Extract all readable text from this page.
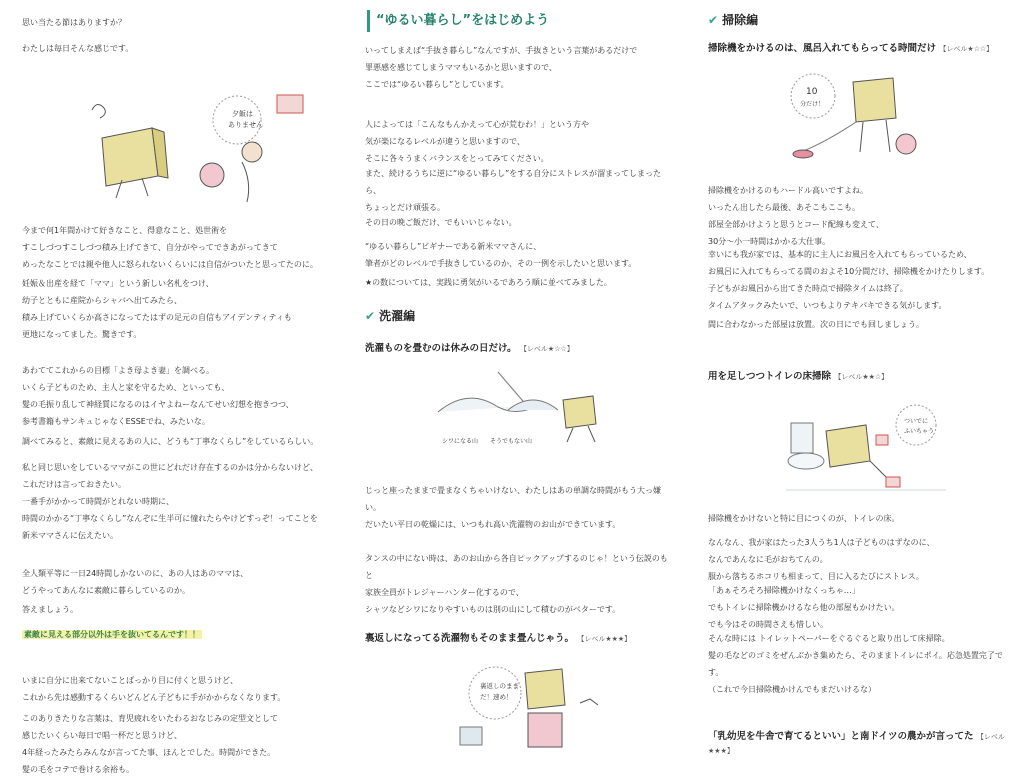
思い当たる節はありますか？

わたしは毎日そんな感じです。

夕飯は
ありません

今まで何1年間かけて好きなこと、得意なこと、処世術を

すこしづつすこしづつ積み上げてきて、自分がやってできあがってきて

めったなことでは親や他人に怒られないくらいには自信がついたと思ってたのに。

妊娠＆出産を経て「ママ」という新しい名札をつけ、

幼子とともに産院からシャバへ出てみたら、

積み上げていくらか高さになってたはずの足元の自信もアイデンティティも

更地になってました。驚きです。

あわててこれからの目標「よき母よき妻」を調べる。

いくら子どものため、主人と家を守るため、といっても、

髪の毛振り乱して神経質になるのはイヤよねーなんてせい幻想を抱きつつ、

参考書籍もサンキュじゃなくESSEでね、みたいな。

調べてみると、素敵に見えるあの人に、どうも“丁寧なくらし”をしているらしい。

私と同じ思いをしているママがこの世にどれだけ存在するのかは分からないけど、

これだけは言っておきたい。

一番手がかかって時間がとれない時期に、

時間のかかる“丁寧なくらし”なんぞに生半可に憧れたらやけどすっぞ！ってことを

新米ママさんに伝えたい。

全人類平等に一日24時間しかないのに、あの人はあのママは、

どうやってあんなに素敵に暮らしているのか。

答えましょう。

素敵に見える部分以外は手を抜いてるんです！！

いまに自分に出来てないことばっかり目に付くと思うけど、

これから先は感動するくらいどんどん子どもに手がかからなくなります。

このありきたりな言葉は、育児疲れをいたわるおなじみの定型文として

感じたいくらい毎日で唱一杯だと思うけど、

4年経ったみたらみんなが言ってた事、ほんとでした。時間ができた。

髪の毛をコテで巻ける余裕も。

“ゆるい暮らし”をはじめよう

いってしまえば“手抜き暮らし”なんですが、手抜きという言葉があるだけで

罪悪感を感じてしまうママもいるかと思いますので、

ここでは“ゆるい暮らし”としています。

人によっては「こんなもんかえって心が荒むわ！」という方や

気が楽になるレベルが違うと思いますので、

そこに各々うまくバランスをとってみてください。

また、続けるうちに逆に“ゆるい暮らし”をする自分にストレスが溜まってしまったら、

ちょっとだけ頑張る。

その日の晩ご飯だけ、でもいいじゃない。

“ゆるい暮らし”ビギナーである新米ママさんに、

筆者がどのレベルで手抜きしているのか、その一例を示したいと思います。

★の数については、実践に勇気がいるであろう順に並べてみました。

✔ 洗濯編
洗濯ものを畳むのは休みの日だけ。 【レベル★☆☆】
シワになる山 そうでもない山

じっと座ったままで畳まなくちゃいけない、わたしはあの単調な時間がもう大っ嫌い。

だいたい平日の乾燥には、いつもれ高い洗濯物のお山ができています。

タンスの中にない時は、あのお山から各自ピックアップするのじゃ！という伝説のもと

家族全員がトレジャーハンター化するので、

シャツなどシワになりやすいものは別の山にして積むのがベターです。

裏返しになってる洗濯物もそのまま畳んじゃう。 【レベル★★★】
裏返しのまま
だ！速め！
✔ 掃除編
掃除機をかけるのは、風呂入れてもらってる時間だけ 【レベル★☆☆】
10
分だけ！

掃除機をかけるのもハードル高いですよね。

いったん出したら最後、あそこもここも。

部屋全部かけようと思うとコード配線も変えて、

30分〜小一時間はかかる大仕事。

幸いにも我が家では、基本的に主人にお風呂を入れてもらっているため、

お風呂に入れてもらってる間のおよそ10分間だけ、掃除機をかけたりします。

子どもがお風呂から出てきた時点で掃除タイムは終了。

タイムアタックみたいで、いつもよりテキパキできる気がします。

間に合わなかった部屋は放置。次の日にでも回しましょう。

用を足しつつトイレの床掃除 【レベル★★☆】
ついでに
ふいちゃう

掃除機をかけないと特に目につくのが、トイレの床。

なんなん、我が家はたった3人うち1人は子どものはずなのに、

なんであんなに毛がおちてんの。

服から落ちるホコリも相まって、目に入るたびにストレス。

「あぁそろそろ掃除機かけなくっちゃ…」

でもトイレに掃除機かけるなら他の部屋もかけたい。

でも今はその時間さえも惜しい。

そんな時には トイレットペーパーをぐるぐると取り出して床掃除。

髪の毛などのゴミをぜんぶかき集めたら、そのままトイレにポイ。応急処置完了です。

（これで今日掃除機かけんでもまだいけるな）

「乳幼児を牛舎で育てるといい」と南ドイツの農かが言ってた 【レベル★★★】
